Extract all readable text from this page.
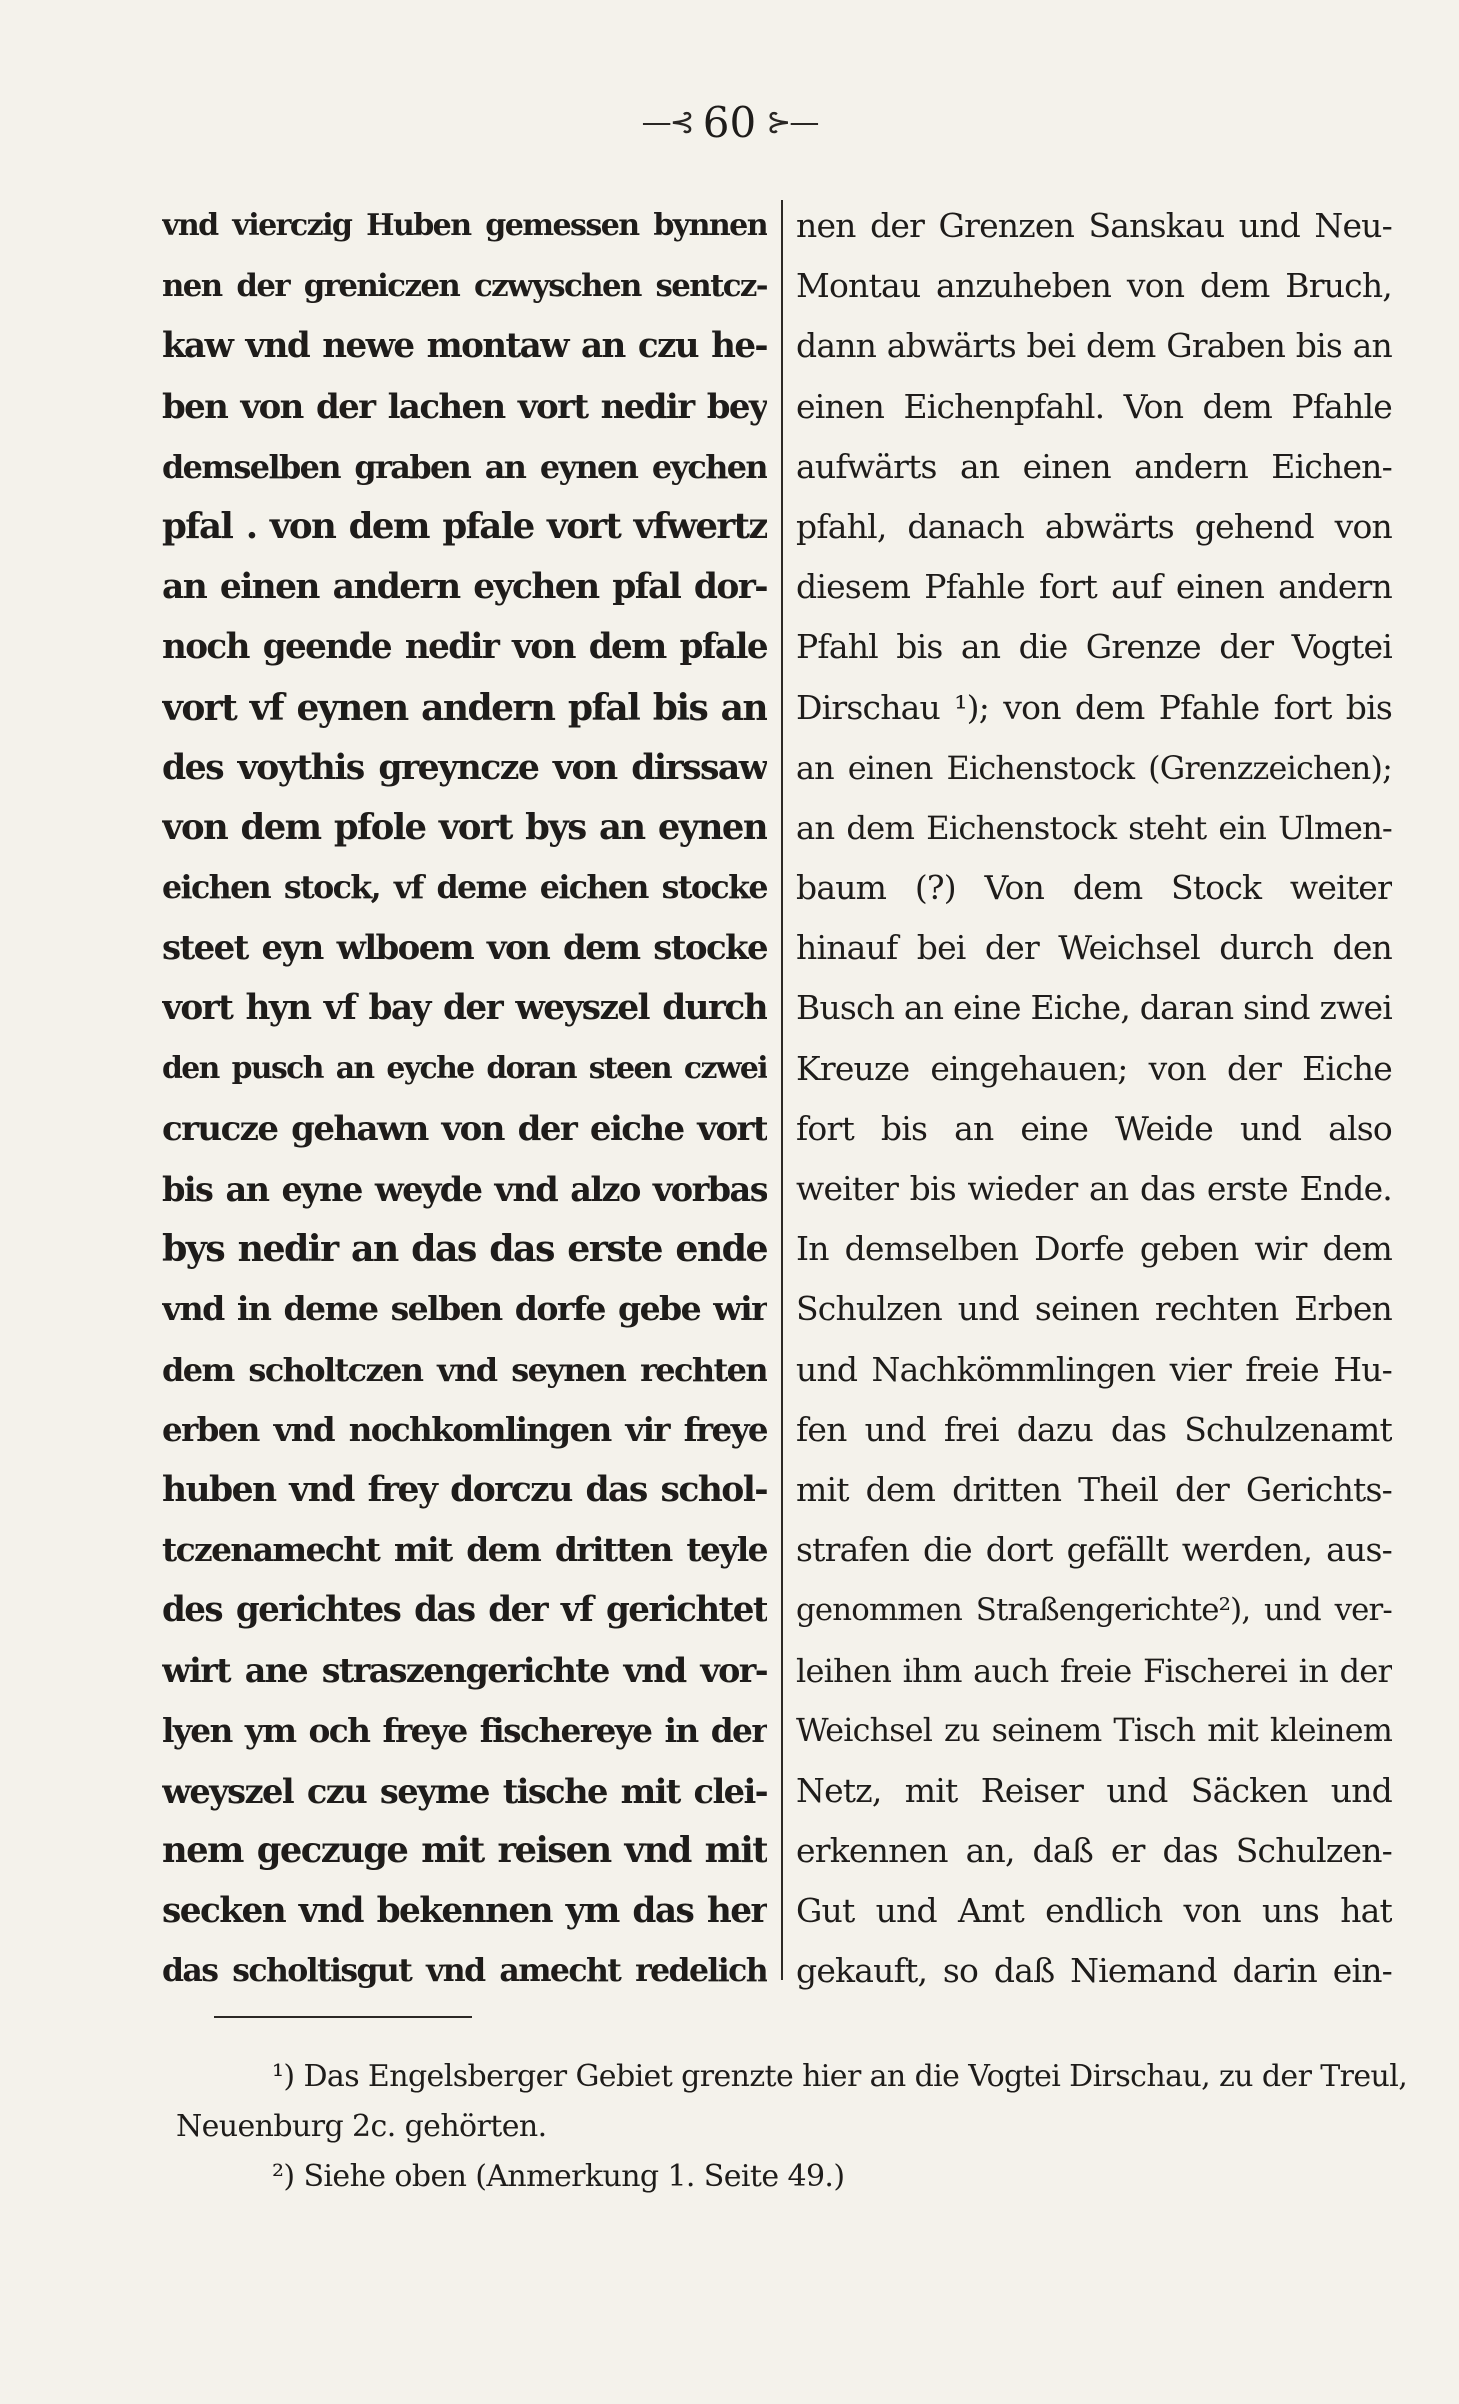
—⊰ 60 ⊱—
vnd vierczig Huben gemessen bynnen
nen der greniczen czwyschen sentcz-
kaw vnd newe montaw an czu he-
ben von der lachen vort nedir bey
demselben graben an eynen eychen
pfal . von dem pfale vort vfwertz
an einen andern eychen pfal dor-
noch geende nedir von dem pfale
vort vf eynen andern pfal bis an
des voythis greyncze von dirssaw
von dem pfole vort bys an eynen
eichen stock, vf deme eichen stocke
steet eyn wlboem von dem stocke
vort hyn vf bay der weyszel durch
den pusch an eyche doran steen czwei
crucze gehawn von der eiche vort
bis an eyne weyde vnd alzo vorbas
bys nedir an das das erste ende
vnd in deme selben dorfe gebe wir
dem scholtczen vnd seynen rechten
erben vnd nochkomlingen vir freye
huben vnd frey dorczu das schol-
tczenamecht mit dem dritten teyle
des gerichtes das der vf gerichtet
wirt ane straszengerichte vnd vor-
lyen ym och freye fischereye in der
weyszel czu seyme tische mit clei-
nem geczuge mit reisen vnd mit
secken vnd bekennen ym das her
das scholtisgut vnd amecht redelich
nen der Grenzen Sanskau und Neu-
Montau anzuheben von dem Bruch,
dann abwärts bei dem Graben bis an
einen Eichenpfahl. Von dem Pfahle
aufwärts an einen andern Eichen-
pfahl, danach abwärts gehend von
diesem Pfahle fort auf einen andern
Pfahl bis an die Grenze der Vogtei
Dirschau ¹); von dem Pfahle fort bis
an einen Eichenstock (Grenzzeichen);
an dem Eichenstock steht ein Ulmen-
baum (?) Von dem Stock weiter
hinauf bei der Weichsel durch den
Busch an eine Eiche, daran sind zwei
Kreuze eingehauen; von der Eiche
fort bis an eine Weide und also
weiter bis wieder an das erste Ende.
In demselben Dorfe geben wir dem
Schulzen und seinen rechten Erben
und Nachkömmlingen vier freie Hu-
fen und frei dazu das Schulzenamt
mit dem dritten Theil der Gerichts-
strafen die dort gefällt werden, aus-
genommen Straßengerichte²), und ver-
leihen ihm auch freie Fischerei in der
Weichsel zu seinem Tisch mit kleinem
Netz, mit Reiser und Säcken und
erkennen an, daß er das Schulzen-
Gut und Amt endlich von uns hat
gekauft, so daß Niemand darin ein-
¹) Das Engelsberger Gebiet grenzte hier an die Vogtei Dirschau, zu der Treul,
Neuenburg 2c. gehörten.
²) Siehe oben (Anmerkung 1. Seite 49.)
